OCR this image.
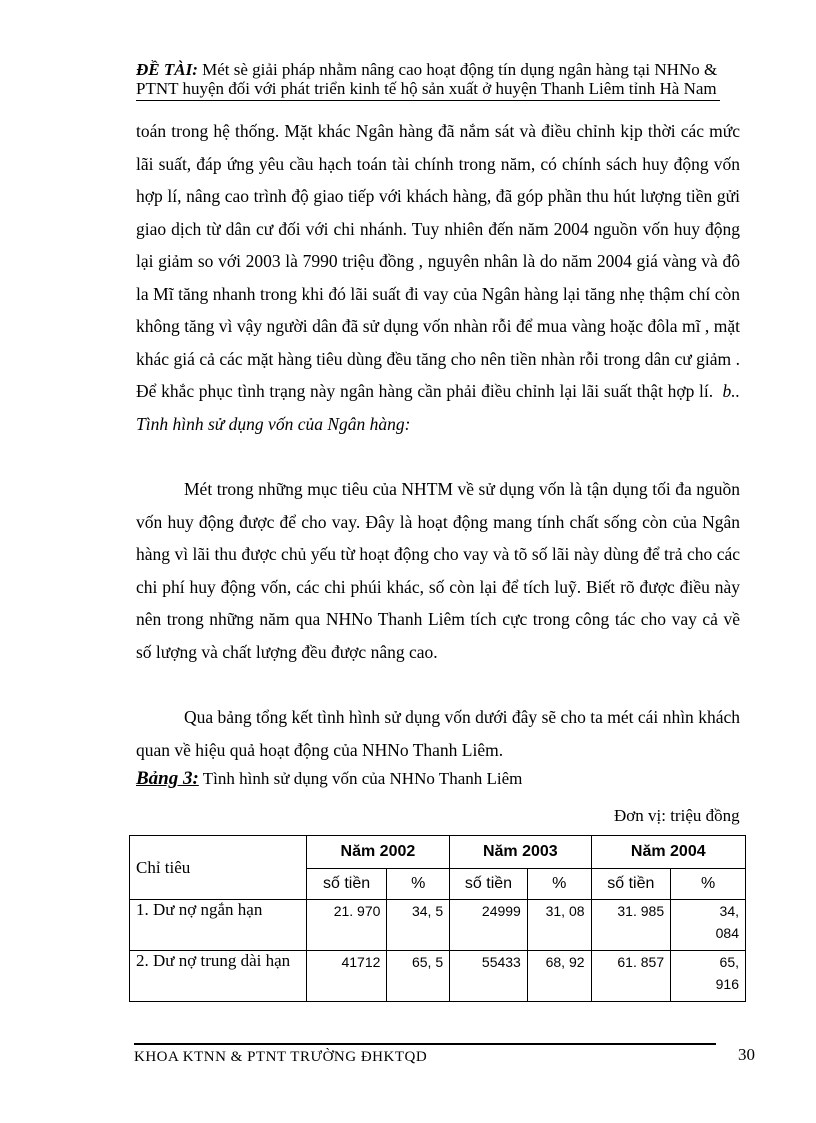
ĐỀ TÀI: Mét sè giải pháp nhằm nâng cao hoạt động tín dụng ngân hàng tại NHNo & PTNT huyện đối với phát triển kinh tế hộ sản xuất ở huyện Thanh Liêm tỉnh Hà Nam

toán trong hệ thống. Mặt khác Ngân hàng đã nắm sát và điều chỉnh kịp thời các mức lãi suất, đáp ứng yêu cầu hạch toán tài chính trong năm, có chính sách huy động vốn hợp lí, nâng cao trình độ giao tiếp với khách hàng, đã góp phần thu hút lượng tiền gửi giao dịch từ dân cư đối với chi nhánh. Tuy nhiên đến năm 2004 nguồn vốn huy động lại giảm so với 2003 là 7990 triệu đồng , nguyên nhân là do năm 2004 giá vàng và đô la Mĩ tăng nhanh trong khi đó lãi suất đi vay của Ngân hàng lại tăng nhẹ thậm chí còn không tăng vì vậy người dân đã sử dụng vốn nhàn rỗi để mua vàng hoặc đôla mĩ , mặt khác giá cả các mặt hàng tiêu dùng đều tăng cho nên tiền nhàn rỗi trong dân cư giảm . Để khắc phục tình trạng này ngân hàng cần phải điều chỉnh lại lãi suất thật hợp lí. b.. Tình hình sử dụng vốn của Ngân hàng:

Mét trong những mục tiêu của NHTM về sử dụng vốn là tận dụng tối đa nguồn vốn huy động được để cho vay. Đây là hoạt động mang tính chất sống còn của Ngân hàng vì lãi thu được chủ yếu từ hoạt động cho vay và tõ số lãi này dùng để trả cho các chi phí huy động vốn, các chi phúi khác, số còn lại để tích luỹ. Biết rõ được điều này nên trong những năm qua NHNo Thanh Liêm tích cực trong công tác cho vay cả về số lượng và chất lượng đều được nâng cao.

Qua bảng tổng kết tình hình sử dụng vốn dưới đây sẽ cho ta mét cái nhìn khách quan về hiệu quả hoạt động của NHNo Thanh Liêm.

Bảng 3: Tình hình sử dụng vốn của NHNo Thanh Liêm
Đơn vị: triệu đồng
Chỉ tiêu	Năm 2002		Năm 2003		Năm 2004	
	số tiền	%	số tiền	%	số tiền	%
1. Dư nợ ngắn hạn	21. 970	34, 5	24999	31, 08	31. 985	34, 084
2. Dư nợ trung dài hạn	41712	65, 5	55433	68, 92	61. 857	65, 916
KHOA KTNN & PTNT TRƯỜNG ĐHKTQD	30
